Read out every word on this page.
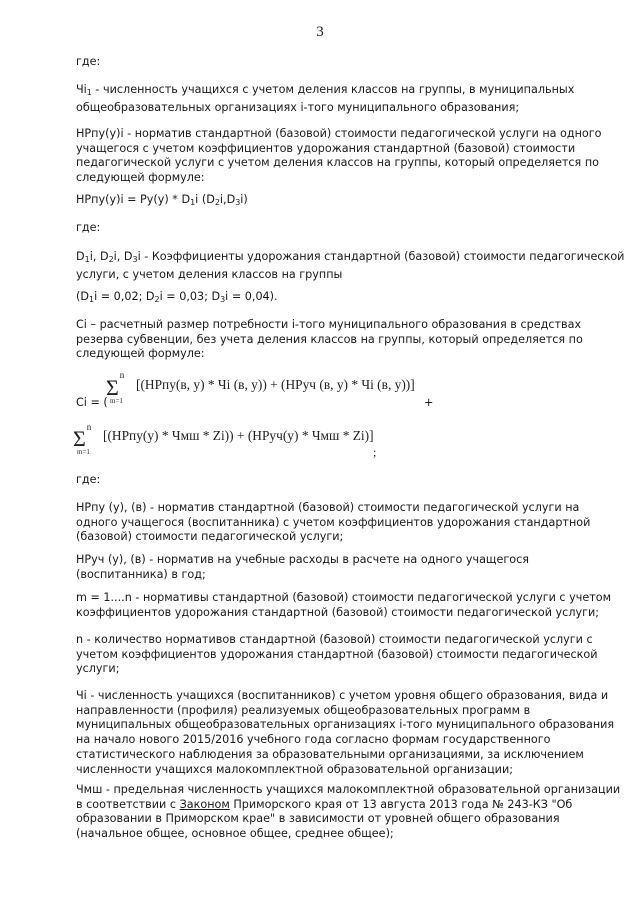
3
где:
$Чi_1$ - численность учащихся с учетом деления классов на группы, в муниципальных
общеобразовательных организациях i-того муниципального образования;
НРпу(у)i - норматив стандартной (базовой) стоимости педагогической услуги на одного
учащегося с учетом коэффициентов удорожания стандартной (базовой) стоимости
педагогической услуги с учетом деления классов на группы, который определяется по
следующей формуле:
НРпу(у)i = $Ру(у) * D_1i$ $(D_2i,D_3i)$
где:
$D_1i$, $D_2i$, $D_3i$ - Коэффициенты удорожания стандартной (базовой) стоимости педагогической
услуги, с учетом деления классов на группы
($D_1i = 0,02$; $D_2i = 0,03$; $D_3i = 0,04$).
Сi – расчетный размер потребности i-того муниципального образования в средствах
резерва субвенции, без учета деления классов на группы, который определяется по
следующей формуле:
n
Σ
m=1
[(НРпу(в, у) * Чi (в, у)) + (НРуч (в, у) * Чi (в, у))]
Сi = (	+
n
Σ
m=1
[(НРпу(у) * Чмш * Zi)) + (НРуч(у) * Чмш * Zi)]
;
где:
НРпу (у), (в) - норматив стандартной (базовой) стоимости педагогической услуги на
одного учащегося (воспитанника) с учетом коэффициентов удорожания стандартной
(базовой) стоимости педагогической услуги;
НРуч (у), (в) - норматив на учебные расходы в расчете на одного учащегося
(воспитанника) в год;
m = 1....n - нормативы стандартной (базовой) стоимости педагогической услуги с учетом
коэффициентов удорожания стандартной (базовой) стоимости педагогической услуги;
n - количество нормативов стандартной (базовой) стоимости педагогической услуги с
учетом коэффициентов удорожания стандартной (базовой) стоимости педагогической
услуги;
Чi - численность учащихся (воспитанников) с учетом уровня общего образования, вида и
направленности (профиля) реализуемых общеобразовательных программ в
муниципальных общеобразовательных организациях i-того муниципального образования
на начало нового 2015/2016 учебного года согласно формам государственного
статистического наблюдения за образовательными организациями, за исключением
численности учащихся малокомплектной образовательной организации;
Чмш - предельная численность учащихся малокомплектной образовательной организации
в соответствии с Законом Приморского края от 13 августа 2013 года № 243-КЗ "Об
образовании в Приморском крае" в зависимости от уровней общего образования
(начальное общее, основное общее, среднее общее);
